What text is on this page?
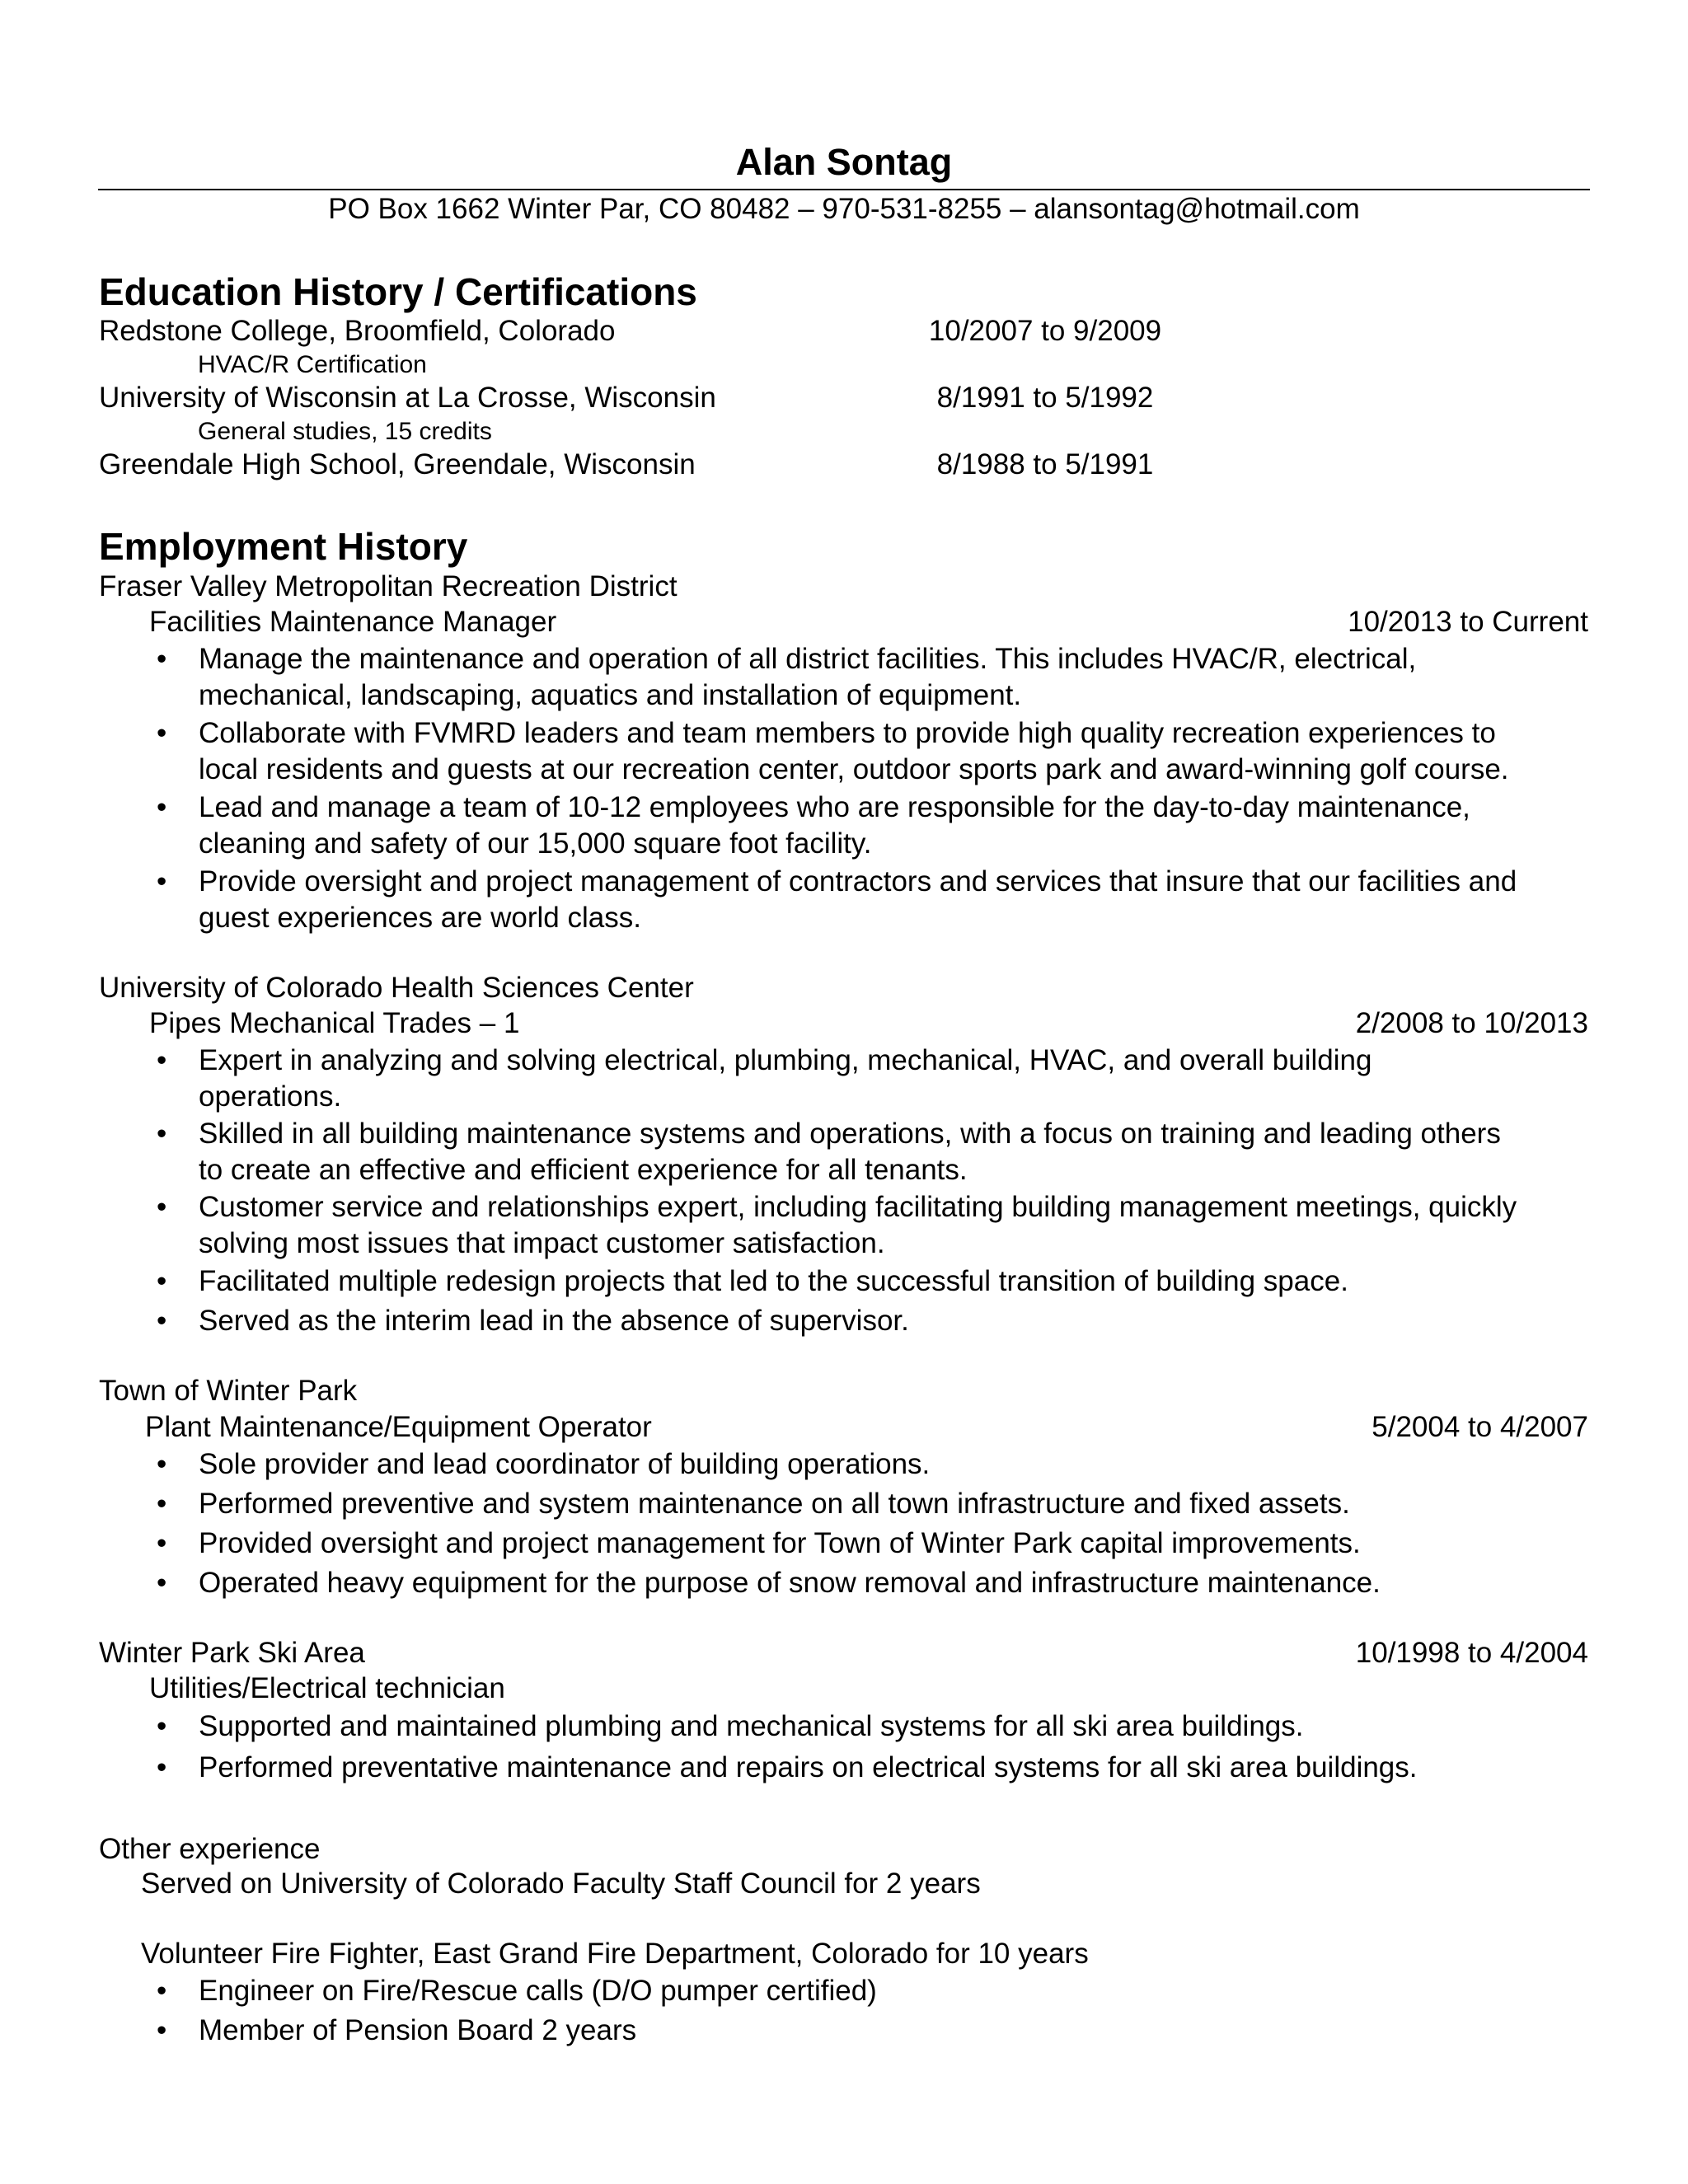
Alan Sontag
PO Box 1662 Winter Par, CO 80482 – 970-531-8255 – alansontag@hotmail.com
Education History / Certifications
Redstone College, Broomfield, Colorado	10/2007 to 9/2009
HVAC/R Certification
University of Wisconsin at La Crosse, Wisconsin	8/1991 to 5/1992
General studies, 15 credits
Greendale High School, Greendale, Wisconsin	8/1988 to 5/1991
Employment History
Fraser Valley Metropolitan Recreation District
Facilities Maintenance Manager	10/2013 to Current
• Manage the maintenance and operation of all district facilities. This includes HVAC/R, electrical,
mechanical, landscaping, aquatics and installation of equipment.
• Collaborate with FVMRD leaders and team members to provide high quality recreation experiences to
local residents and guests at our recreation center, outdoor sports park and award-winning golf course.
• Lead and manage a team of 10-12 employees who are responsible for the day-to-day maintenance,
cleaning and safety of our 15,000 square foot facility.
• Provide oversight and project management of contractors and services that insure that our facilities and
guest experiences are world class.
University of Colorado Health Sciences Center
Pipes Mechanical Trades – 1	2/2008 to 10/2013
• Expert in analyzing and solving electrical, plumbing, mechanical, HVAC, and overall building
operations.
• Skilled in all building maintenance systems and operations, with a focus on training and leading others
to create an effective and efficient experience for all tenants.
• Customer service and relationships expert, including facilitating building management meetings, quickly
solving most issues that impact customer satisfaction.
• Facilitated multiple redesign projects that led to the successful transition of building space.
• Served as the interim lead in the absence of supervisor.
Town of Winter Park
Plant Maintenance/Equipment Operator	5/2004 to 4/2007
• Sole provider and lead coordinator of building operations.
• Performed preventive and system maintenance on all town infrastructure and fixed assets.
• Provided oversight and project management for Town of Winter Park capital improvements.
• Operated heavy equipment for the purpose of snow removal and infrastructure maintenance.
Winter Park Ski Area	10/1998 to 4/2004
Utilities/Electrical technician
• Supported and maintained plumbing and mechanical systems for all ski area buildings.
• Performed preventative maintenance and repairs on electrical systems for all ski area buildings.
Other experience
Served on University of Colorado Faculty Staff Council for 2 years
Volunteer Fire Fighter, East Grand Fire Department, Colorado for 10 years
• Engineer on Fire/Rescue calls (D/O pumper certified)
• Member of Pension Board 2 years
